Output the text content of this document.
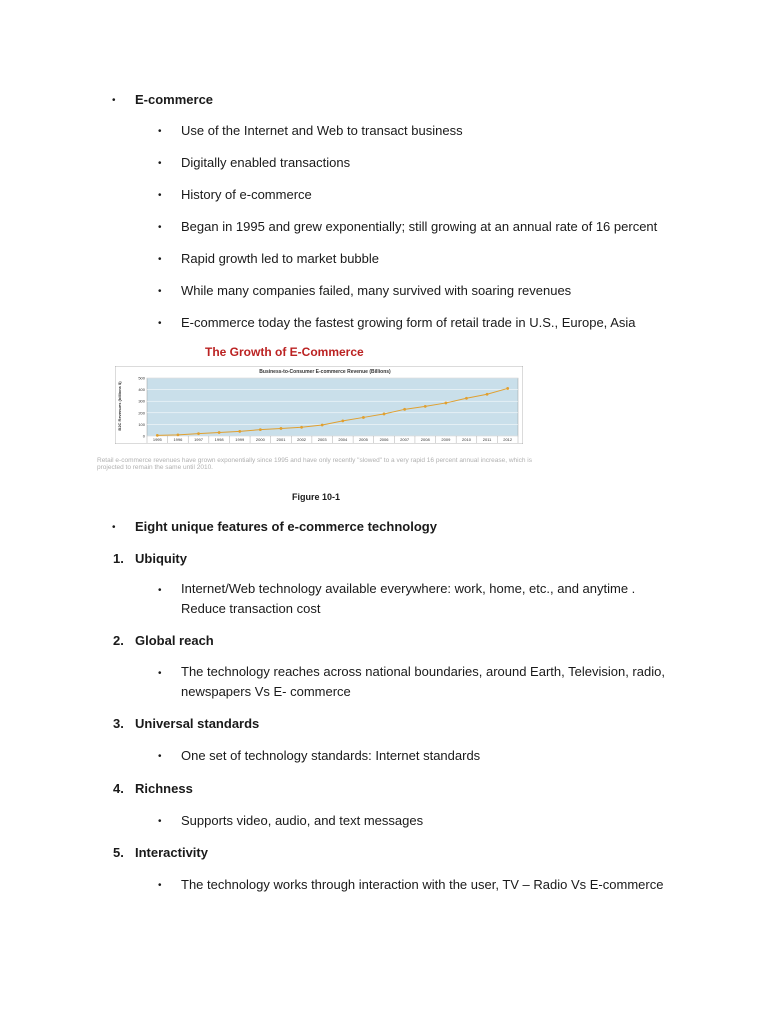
• E-commerce
• Use of the Internet and Web to transact business
• Digitally enabled transactions
• History of e-commerce
• Began in 1995 and grew exponentially; still growing at an annual rate of 16 percent
• Rapid growth led to market bubble
• While many companies failed, many survived with soaring revenues
• E-commerce today the fastest growing form of retail trade in U.S., Europe, Asia
The Growth of E-Commerce
Business-to-Consumer E-commerce Revenue (Billions)
B2C Revenues (billions $)
0
100
200
300
400
500
1995	1996	1997	1998	1999	2000	2001	2002	2003	2004	2005	2006	2007	2008	2009	2010	2011	2012
Retail e-commerce revenues have grown exponentially since 1995 and have only recently "slowed" to a very rapid 16 percent annual increase, which is projected to remain the same until 2010.
Figure 10-1
• Eight unique features of e-commerce technology
1. Ubiquity
• Internet/Web technology available everywhere: work, home, etc., and anytime . Reduce transaction cost
2. Global reach
• The technology reaches across national boundaries, around Earth, Television, radio, newspapers Vs E- commerce
3. Universal standards
• One set of technology standards: Internet standards
4. Richness
• Supports video, audio, and text messages
5. Interactivity
• The technology works through interaction with the user, TV – Radio Vs E-commerce
